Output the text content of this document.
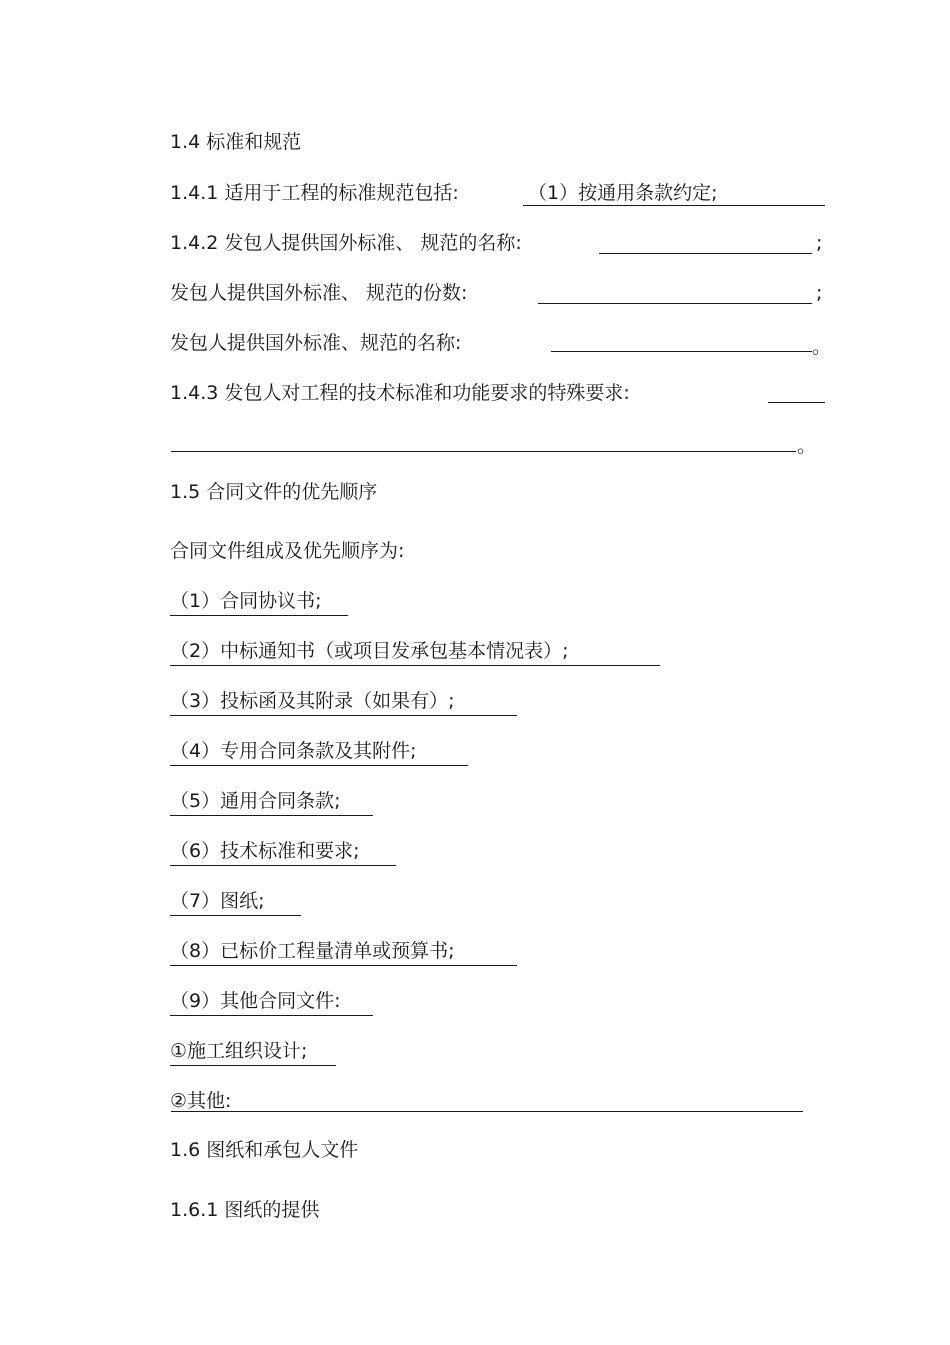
1.4 标准和规范
1.4.1 适用于工程的标准规范包括:	（1）按通用条款约定;
1.4.2 发包人提供国外标准、 规范的名称:	;
发包人提供国外标准、 规范的份数:	;
发包人提供国外标准、规范的名称:	。
1.4.3 发包人对工程的技术标准和功能要求的特殊要求:
。
1.5 合同文件的优先顺序
合同文件组成及优先顺序为:
（1）合同协议书;
（2）中标通知书（或项目发承包基本情况表）;
（3）投标函及其附录（如果有）;
（4）专用合同条款及其附件;
（5）通用合同条款;
（6）技术标准和要求;
（7）图纸;
（8）已标价工程量清单或预算书;
（9）其他合同文件:
①施工组织设计;
②其他:
1.6 图纸和承包人文件
1.6.1 图纸的提供
